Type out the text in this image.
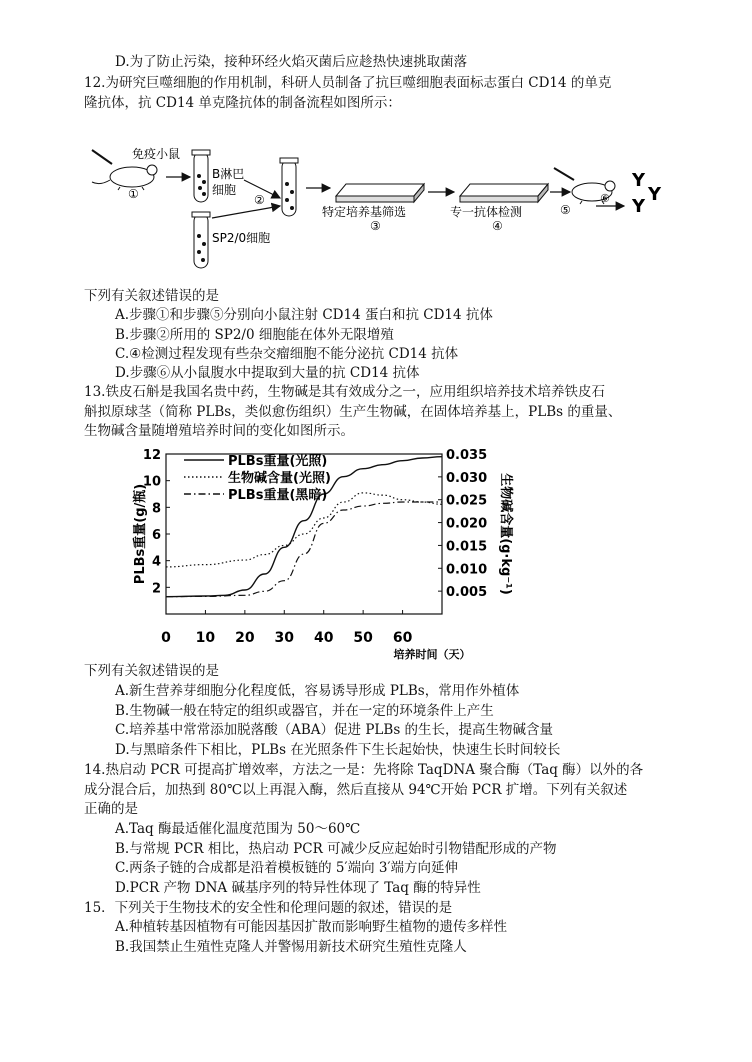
D.为了防止污染，接种环经火焰灭菌后应趁热快速挑取菌落
12.为研究巨噬细胞的作用机制，科研人员制备了抗巨噬细胞表面标志蛋白 CD14 的单克
隆抗体，抗 CD14 单克隆抗体的制备流程如图所示：
免疫小鼠
①
B淋巴
细胞
SP2/0细胞
②
特定培养基筛选
③
专一抗体检测
④
⑤
⑥
Y
Y
Y
下列有关叙述错误的是
A.步骤①和步骤⑤分别向小鼠注射 CD14 蛋白和抗 CD14 抗体
B.步骤②所用的 SP2/0 细胞能在体外无限增殖
C.④检测过程发现有些杂交瘤细胞不能分泌抗 CD14 抗体
D.步骤⑥从小鼠腹水中提取到大量的抗 CD14 抗体
13.铁皮石斛是我国名贵中药，生物碱是其有效成分之一，应用组织培养技术培养铁皮石
斛拟原球茎（简称 PLBs，类似愈伤组织）生产生物碱，在固体培养基上，PLBs 的重量、
生物碱含量随增殖培养时间的变化如图所示。
0 10 20 30 40 50 60
2
4
6
8
10
12
0.005
0.010
0.015
0.020
0.025
0.030
0.035
培养时间（天）
PLBs重量(g/瓶)	生物碱含量(g·kg⁻¹)
PLBs重量(光照)
生物碱含量(光照)
PLBs重量(黑暗)
下列有关叙述错误的是
A.新生营养芽细胞分化程度低，容易诱导形成 PLBs，常用作外植体
B.生物碱一般在特定的组织或器官，并在一定的环境条件上产生
C.培养基中常常添加脱落酸（ABA）促进 PLBs 的生长，提高生物碱含量
D.与黑暗条件下相比，PLBs 在光照条件下生长起始快，快速生长时间较长
14.热启动 PCR 可提高扩增效率，方法之一是：先将除 TaqDNA 聚合酶（Taq 酶）以外的各
成分混合后，加热到 80℃以上再混入酶，然后直接从 94℃开始 PCR 扩增。下列有关叙述
正确的是
A.Taq 酶最适催化温度范围为 50～60℃
B.与常规 PCR 相比，热启动 PCR 可减少反应起始时引物错配形成的产物
C.两条子链的合成都是沿着模板链的 5′端向 3′端方向延伸
D.PCR 产物 DNA 碱基序列的特异性体现了 Taq 酶的特异性
15．下列关于生物技术的安全性和伦理问题的叙述，错误的是
A.种植转基因植物有可能因基因扩散而影响野生植物的遗传多样性
B.我国禁止生殖性克隆人并警惕用新技术研究生殖性克隆人
